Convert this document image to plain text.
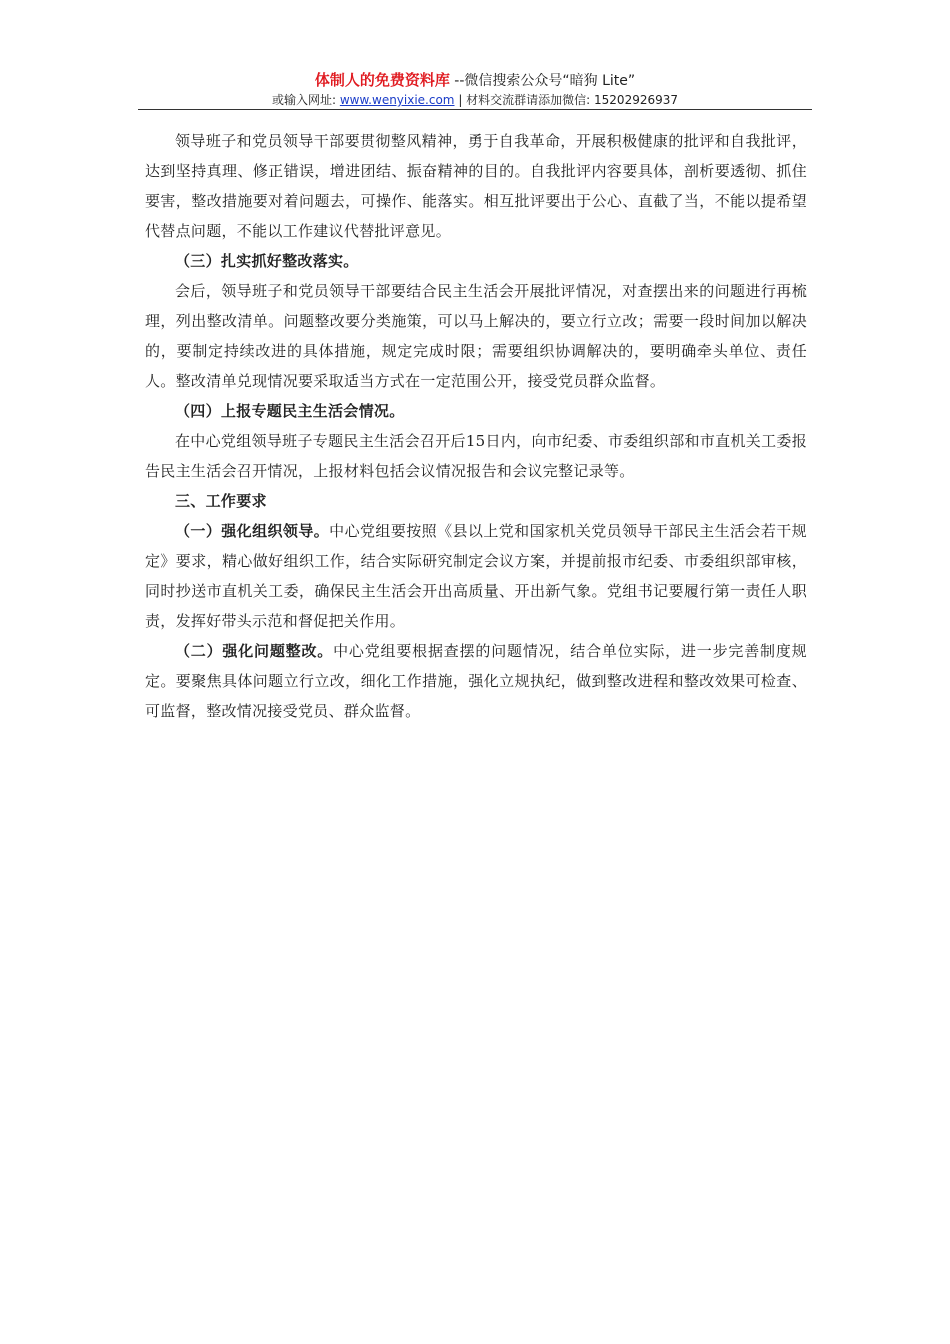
体制人的免费资料库 --微信搜索公众号“暗狗 Lite”
或输入网址: www.wenyixie.com | 材料交流群请添加微信: 15202926937

领导班子和党员领导干部要贯彻整风精神，勇于自我革命，开展积极健康的批评和自我批评，达到坚持真理、修正错误，增进团结、振奋精神的目的。自我批评内容要具体，剖析要透彻、抓住要害，整改措施要对着问题去，可操作、能落实。相互批评要出于公心、直截了当，不能以提希望代替点问题，不能以工作建议代替批评意见。

（三）扎实抓好整改落实。

会后，领导班子和党员领导干部要结合民主生活会开展批评情况，对查摆出来的问题进行再梳理，列出整改清单。问题整改要分类施策，可以马上解决的，要立行立改；需要一段时间加以解决的，要制定持续改进的具体措施，规定完成时限；需要组织协调解决的，要明确牵头单位、责任人。整改清单兑现情况要采取适当方式在一定范围公开，接受党员群众监督。

（四）上报专题民主生活会情况。

在中心党组领导班子专题民主生活会召开后15日内，向市纪委、市委组织部和市直机关工委报告民主生活会召开情况，上报材料包括会议情况报告和会议完整记录等。

三、工作要求

（一）强化组织领导。中心党组要按照《县以上党和国家机关党员领导干部民主生活会若干规定》要求，精心做好组织工作，结合实际研究制定会议方案，并提前报市纪委、市委组织部审核，同时抄送市直机关工委，确保民主生活会开出高质量、开出新气象。党组书记要履行第一责任人职责，发挥好带头示范和督促把关作用。

（二）强化问题整改。中心党组要根据查摆的问题情况，结合单位实际，进一步完善制度规定。要聚焦具体问题立行立改，细化工作措施，强化立规执纪，做到整改进程和整改效果可检查、可监督，整改情况接受党员、群众监督。
